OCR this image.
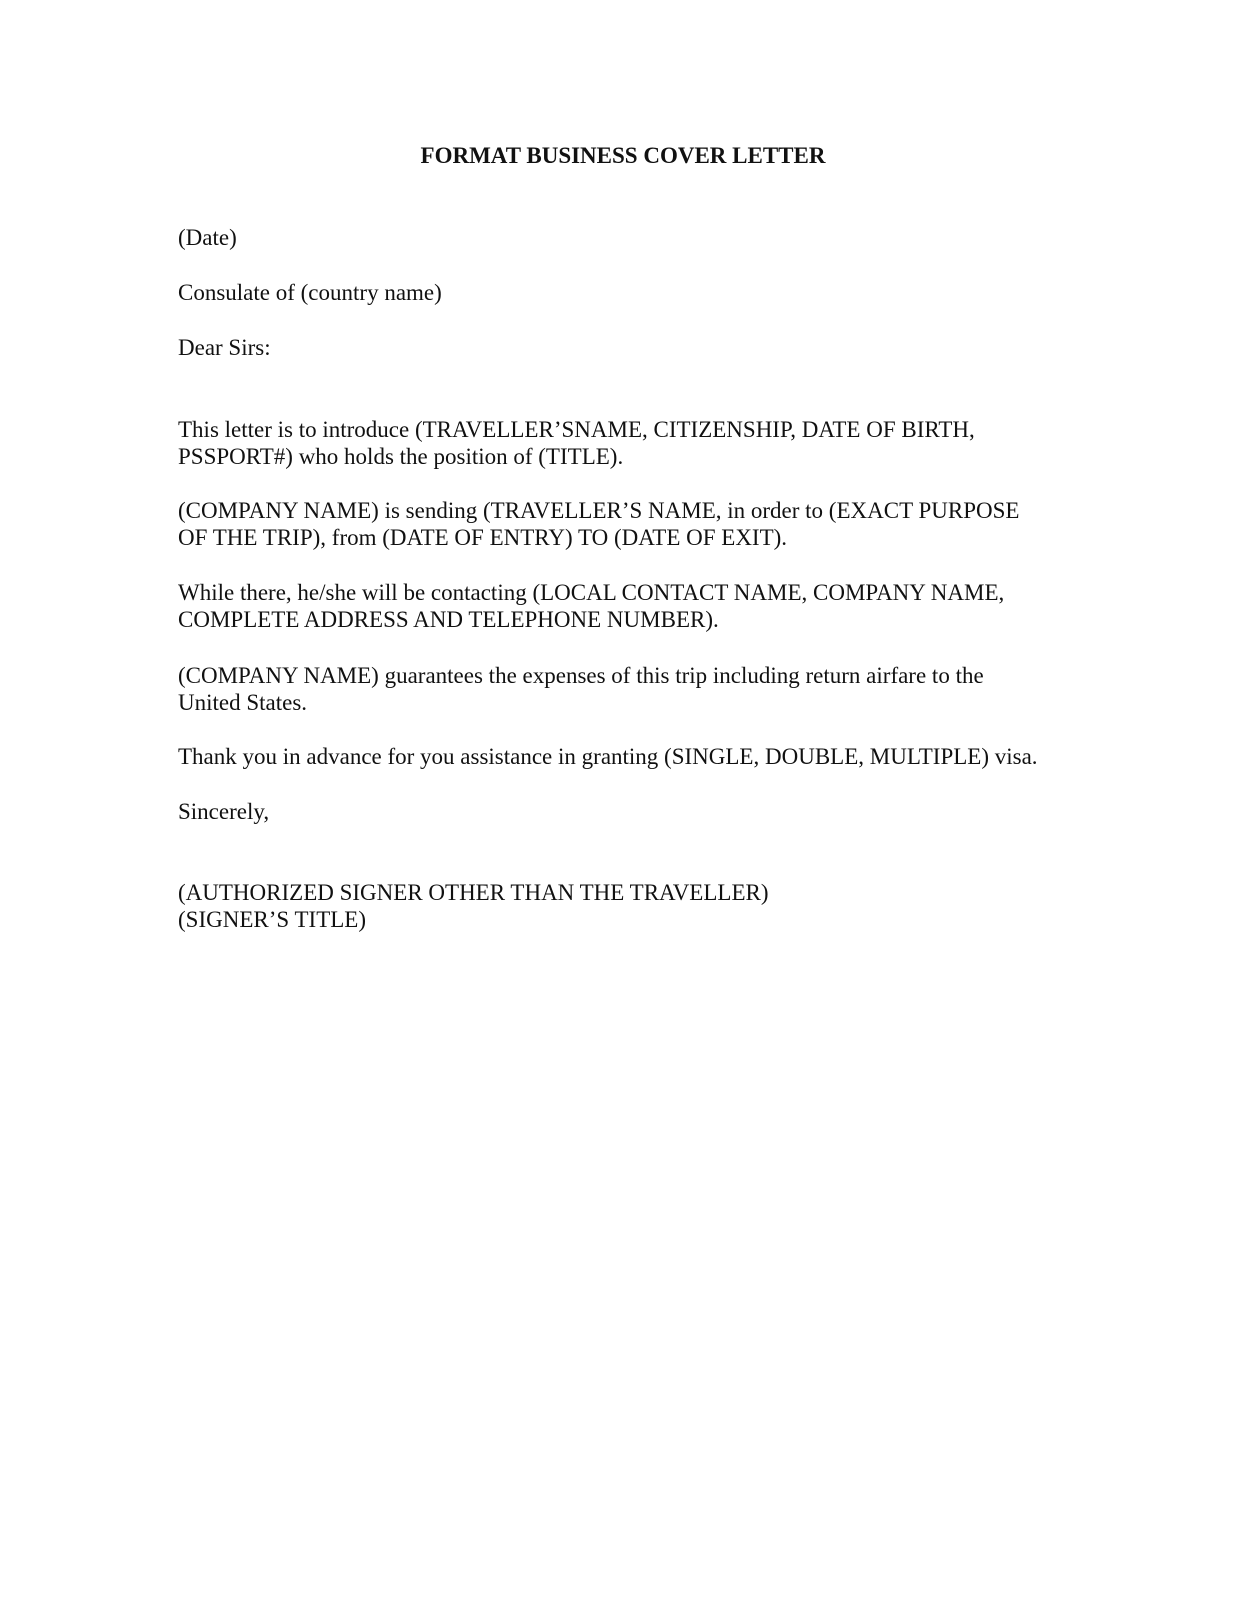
FORMAT BUSINESS COVER LETTER
(Date)
Consulate of (country name)
Dear Sirs:
This letter is to introduce (TRAVELLER’SNAME, CITIZENSHIP, DATE OF BIRTH,
PSSPORT#) who holds the position of (TITLE).
(COMPANY NAME) is sending (TRAVELLER’S NAME, in order to (EXACT PURPOSE
OF THE TRIP), from (DATE OF ENTRY) TO (DATE OF EXIT).
While there, he/she will be contacting (LOCAL CONTACT NAME, COMPANY NAME,
COMPLETE ADDRESS AND TELEPHONE NUMBER).
(COMPANY NAME) guarantees the expenses of this trip including return airfare to the
United States.
Thank you in advance for you assistance in granting (SINGLE, DOUBLE, MULTIPLE) visa.
Sincerely,
(AUTHORIZED SIGNER OTHER THAN THE TRAVELLER)
(SIGNER’S TITLE)
